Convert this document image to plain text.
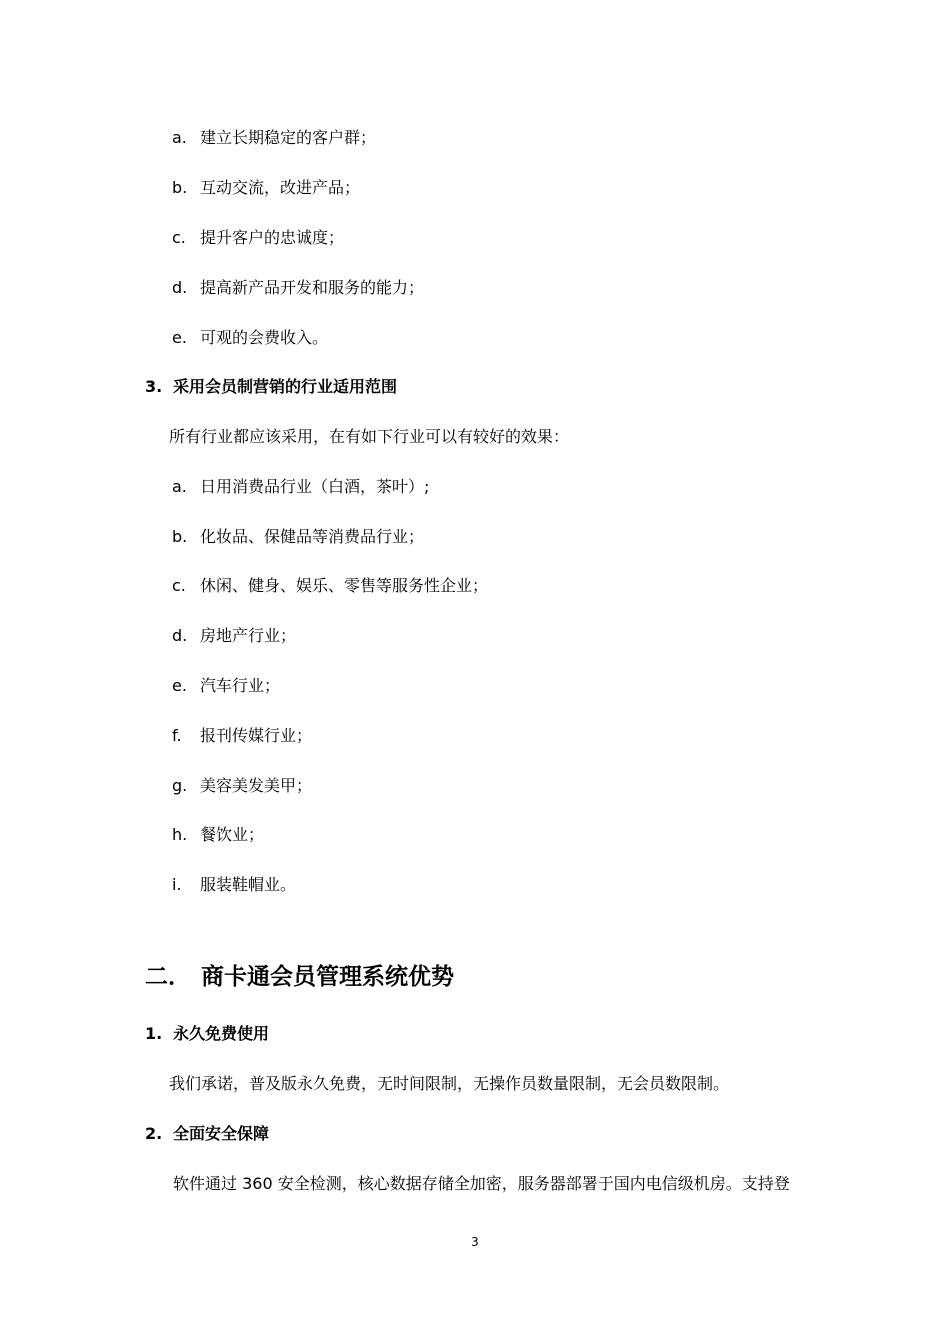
a. 建立长期稳定的客户群；
b. 互动交流，改进产品；
c. 提升客户的忠诚度；
d. 提高新产品开发和服务的能力；
e. 可观的会费收入。
3. 采用会员制营销的行业适用范围
所有行业都应该采用，在有如下行业可以有较好的效果：
a. 日用消费品行业（白酒，茶叶）;
b. 化妆品、保健品等消费品行业；
c. 休闲、健身、娱乐、零售等服务性企业；
d. 房地产行业；
e. 汽车行业；
f.	报刊传媒行业；
g. 美容美发美甲；
h. 餐饮业；
i.	服装鞋帽业。
二． 商卡通会员管理系统优势
1. 永久免费使用
我们承诺，普及版永久免费，无时间限制，无操作员数量限制，无会员数限制。
2. 全面安全保障
软件通过 360 安全检测，核心数据存储全加密，服务器部署于国内电信级机房。支持登
3
